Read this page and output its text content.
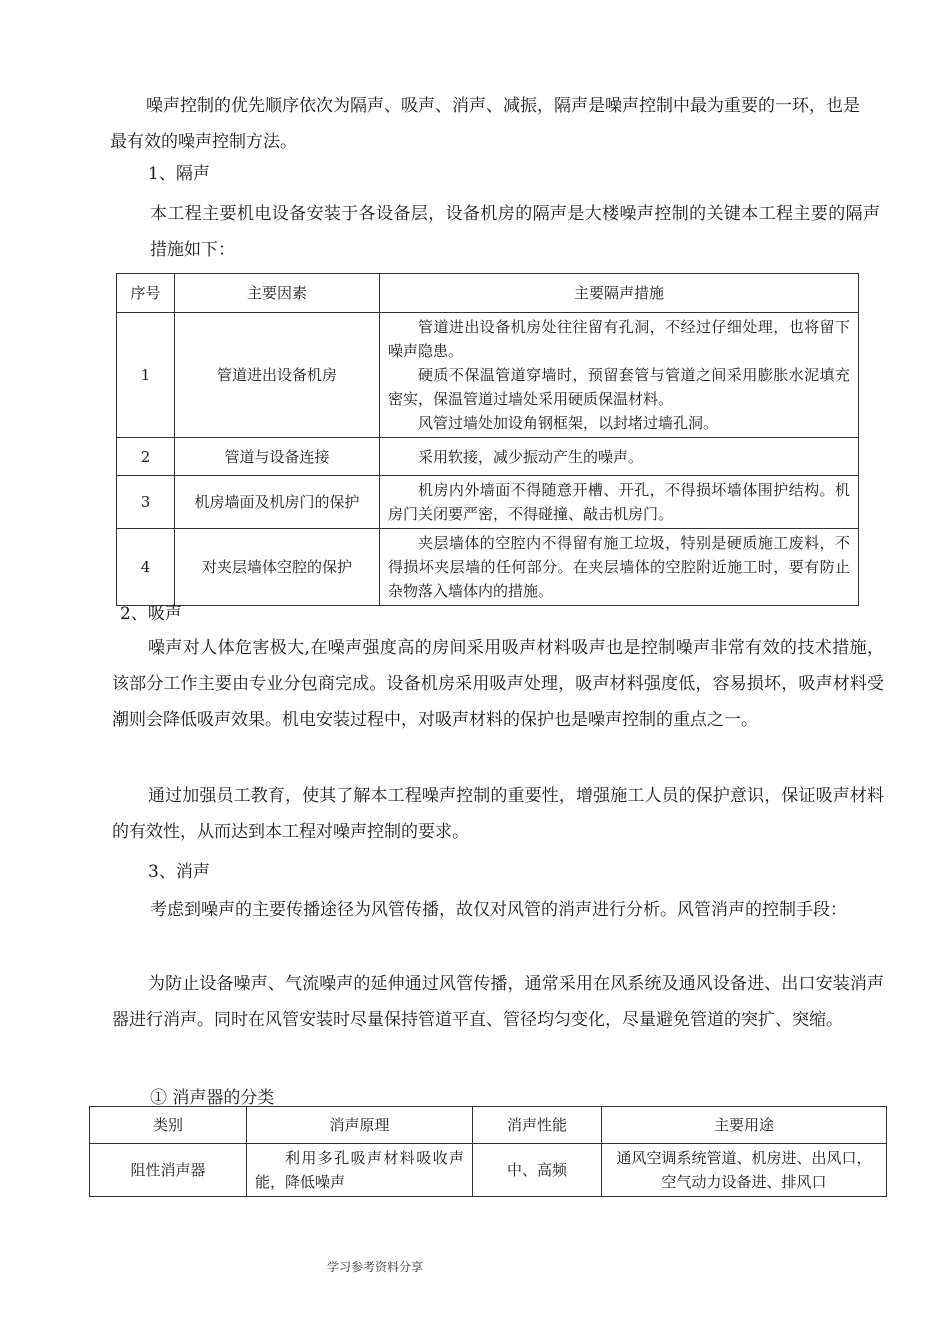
噪声控制的优先顺序依次为隔声、吸声、消声、减振，隔声是噪声控制中最为重要的一环，也是最有效的噪声控制方法。
1、隔声
本工程主要机电设备安装于各设备层，设备机房的隔声是大楼噪声控制的关键本工程主要的隔声措施如下：
序号	主要因素	主要隔声措施
1	管道进出设备机房	管道进出设备机房处往往留有孔洞，不经过仔细处理，也将留下噪声隐患。
硬质不保温管道穿墙时，预留套管与管道之间采用膨胀水泥填充密实，保温管道过墙处采用硬质保温材料。
风管过墙处加设角钢框架，以封堵过墙孔洞。

2	管道与设备连接	采用软接，减少振动产生的噪声。

3	机房墙面及机房门的保护	机房内外墙面不得随意开槽、开孔，不得损坏墙体围护结构。机房门关闭要严密，不得碰撞、敲击机房门。

4	对夹层墙体空腔的保护	夹层墙体的空腔内不得留有施工垃圾，特别是硬质施工废料，不得损坏夹层墙的任何部分。在夹层墙体的空腔附近施工时，要有防止杂物落入墙体内的措施。
2、吸声
噪声对人体危害极大,在噪声强度高的房间采用吸声材料吸声也是控制噪声非常有效的技术措施，该部分工作主要由专业分包商完成。设备机房采用吸声处理，吸声材料强度低，容易损坏，吸声材料受潮则会降低吸声效果。机电安装过程中，对吸声材料的保护也是噪声控制的重点之一。
通过加强员工教育，使其了解本工程噪声控制的重要性，增强施工人员的保护意识，保证吸声材料的有效性，从而达到本工程对噪声控制的要求。
3、消声
考虑到噪声的主要传播途径为风管传播，故仅对风管的消声进行分析。风管消声的控制手段：
为防止设备噪声、气流噪声的延伸通过风管传播，通常采用在风系统及通风设备进、出口安装消声器进行消声。同时在风管安装时尽量保持管道平直、管径均匀变化，尽量避免管道的突扩、突缩。
① 消声器的分类
类别	消声原理	消声性能	主要用途
阻性消声器	利用多孔吸声材料吸收声能，降低噪声	中、高频	通风空调系统管道、机房进、出风口，空气动力设备进、排风口
学习参考资料分享
